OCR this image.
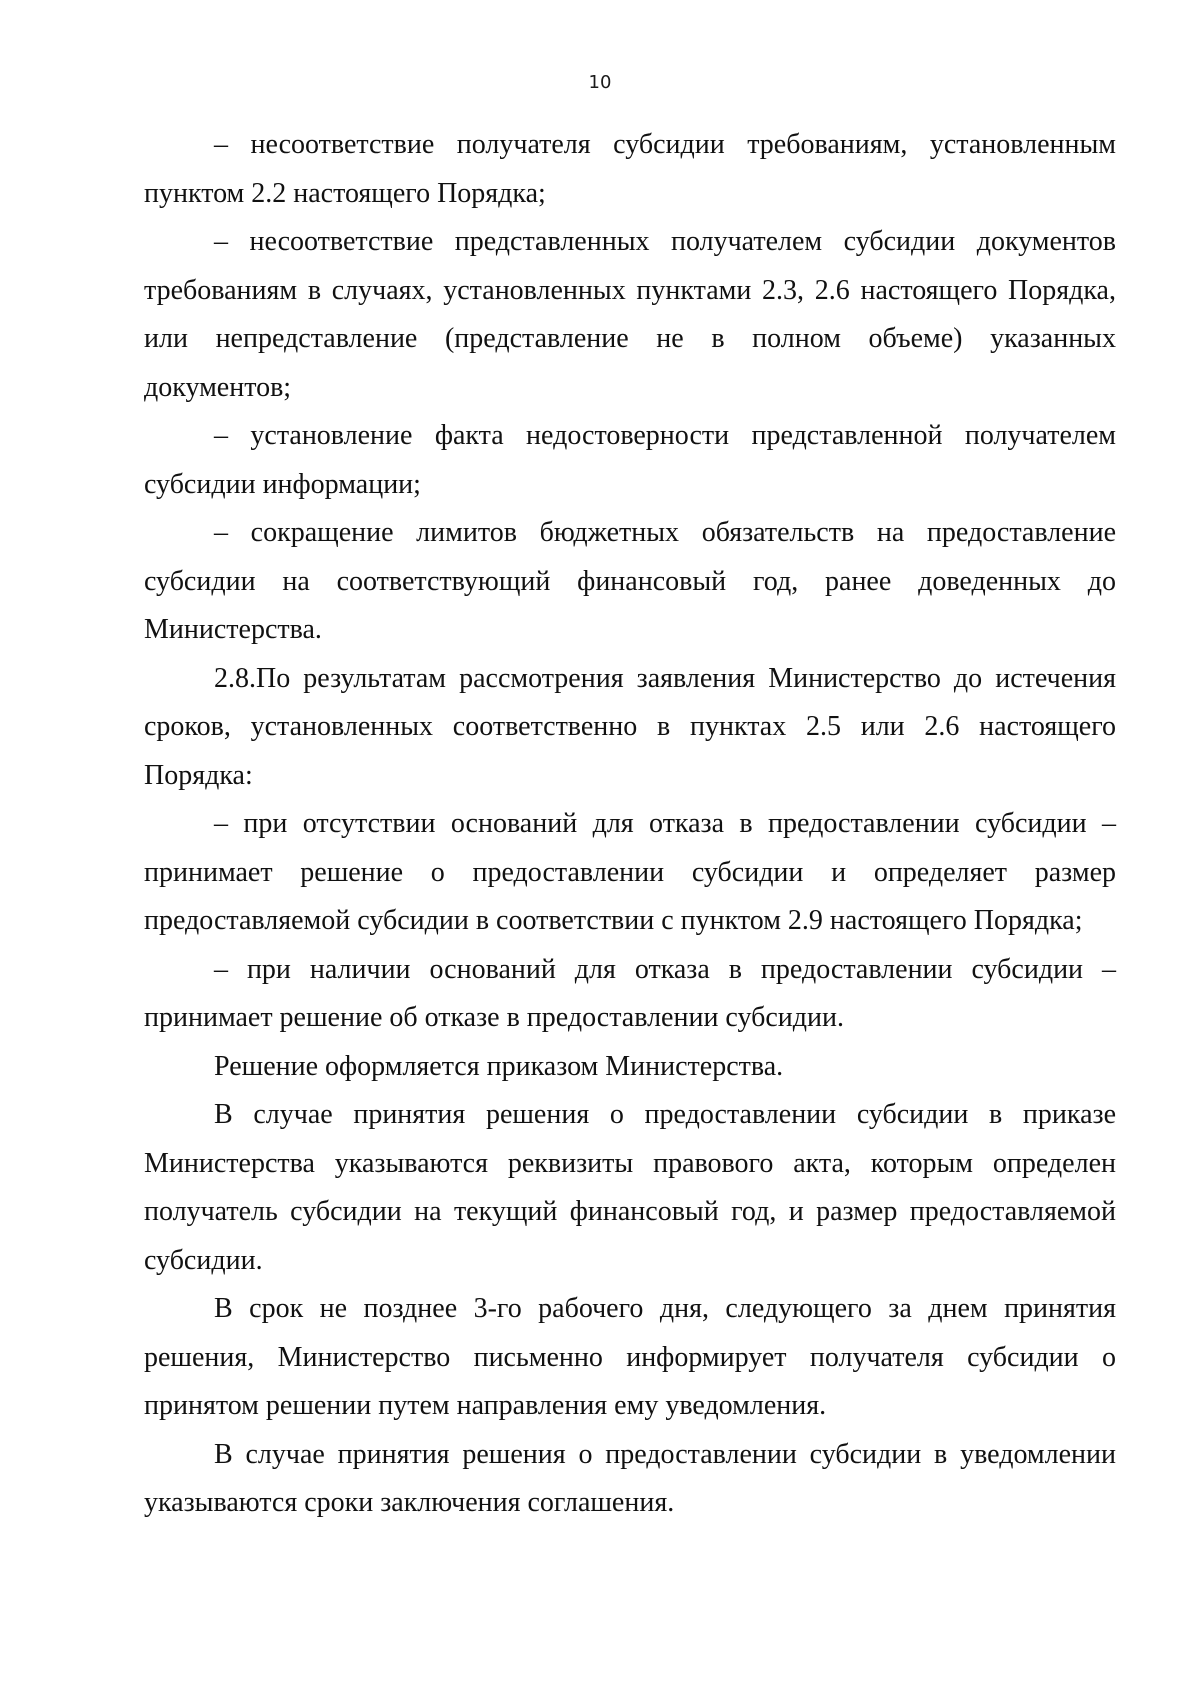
10

– несоответствие получателя субсидии требованиям, установленным пунктом 2.2 настоящего Порядка;

– несоответствие представленных получателем субсидии документов требованиям в случаях, установленных пунктами 2.3, 2.6 настоящего Порядка, или непредставление (представление не в полном объеме) указанных документов;

– установление факта недостоверности представленной получателем субсидии информации;

– сокращение лимитов бюджетных обязательств на предоставление субсидии на соответствующий финансовый год, ранее доведенных до Министерства.

2.8.По результатам рассмотрения заявления Министерство до истечения сроков, установленных соответственно в пунктах 2.5 или 2.6 настоящего Порядка:

– при отсутствии оснований для отказа в предоставлении субсидии – принимает решение о предоставлении субсидии и определяет размер предоставляемой субсидии в соответствии с пунктом 2.9 настоящего Порядка;

– при наличии оснований для отказа в предоставлении субсидии – принимает решение об отказе в предоставлении субсидии.

Решение оформляется приказом Министерства.

В случае принятия решения о предоставлении субсидии в приказе Министерства указываются реквизиты правового акта, которым определен получатель субсидии на текущий финансовый год, и размер предоставляемой субсидии.

В срок не позднее 3-го рабочего дня, следующего за днем принятия решения, Министерство письменно информирует получателя субсидии о принятом решении путем направления ему уведомления.

В случае принятия решения о предоставлении субсидии в уведомлении указываются сроки заключения соглашения.
